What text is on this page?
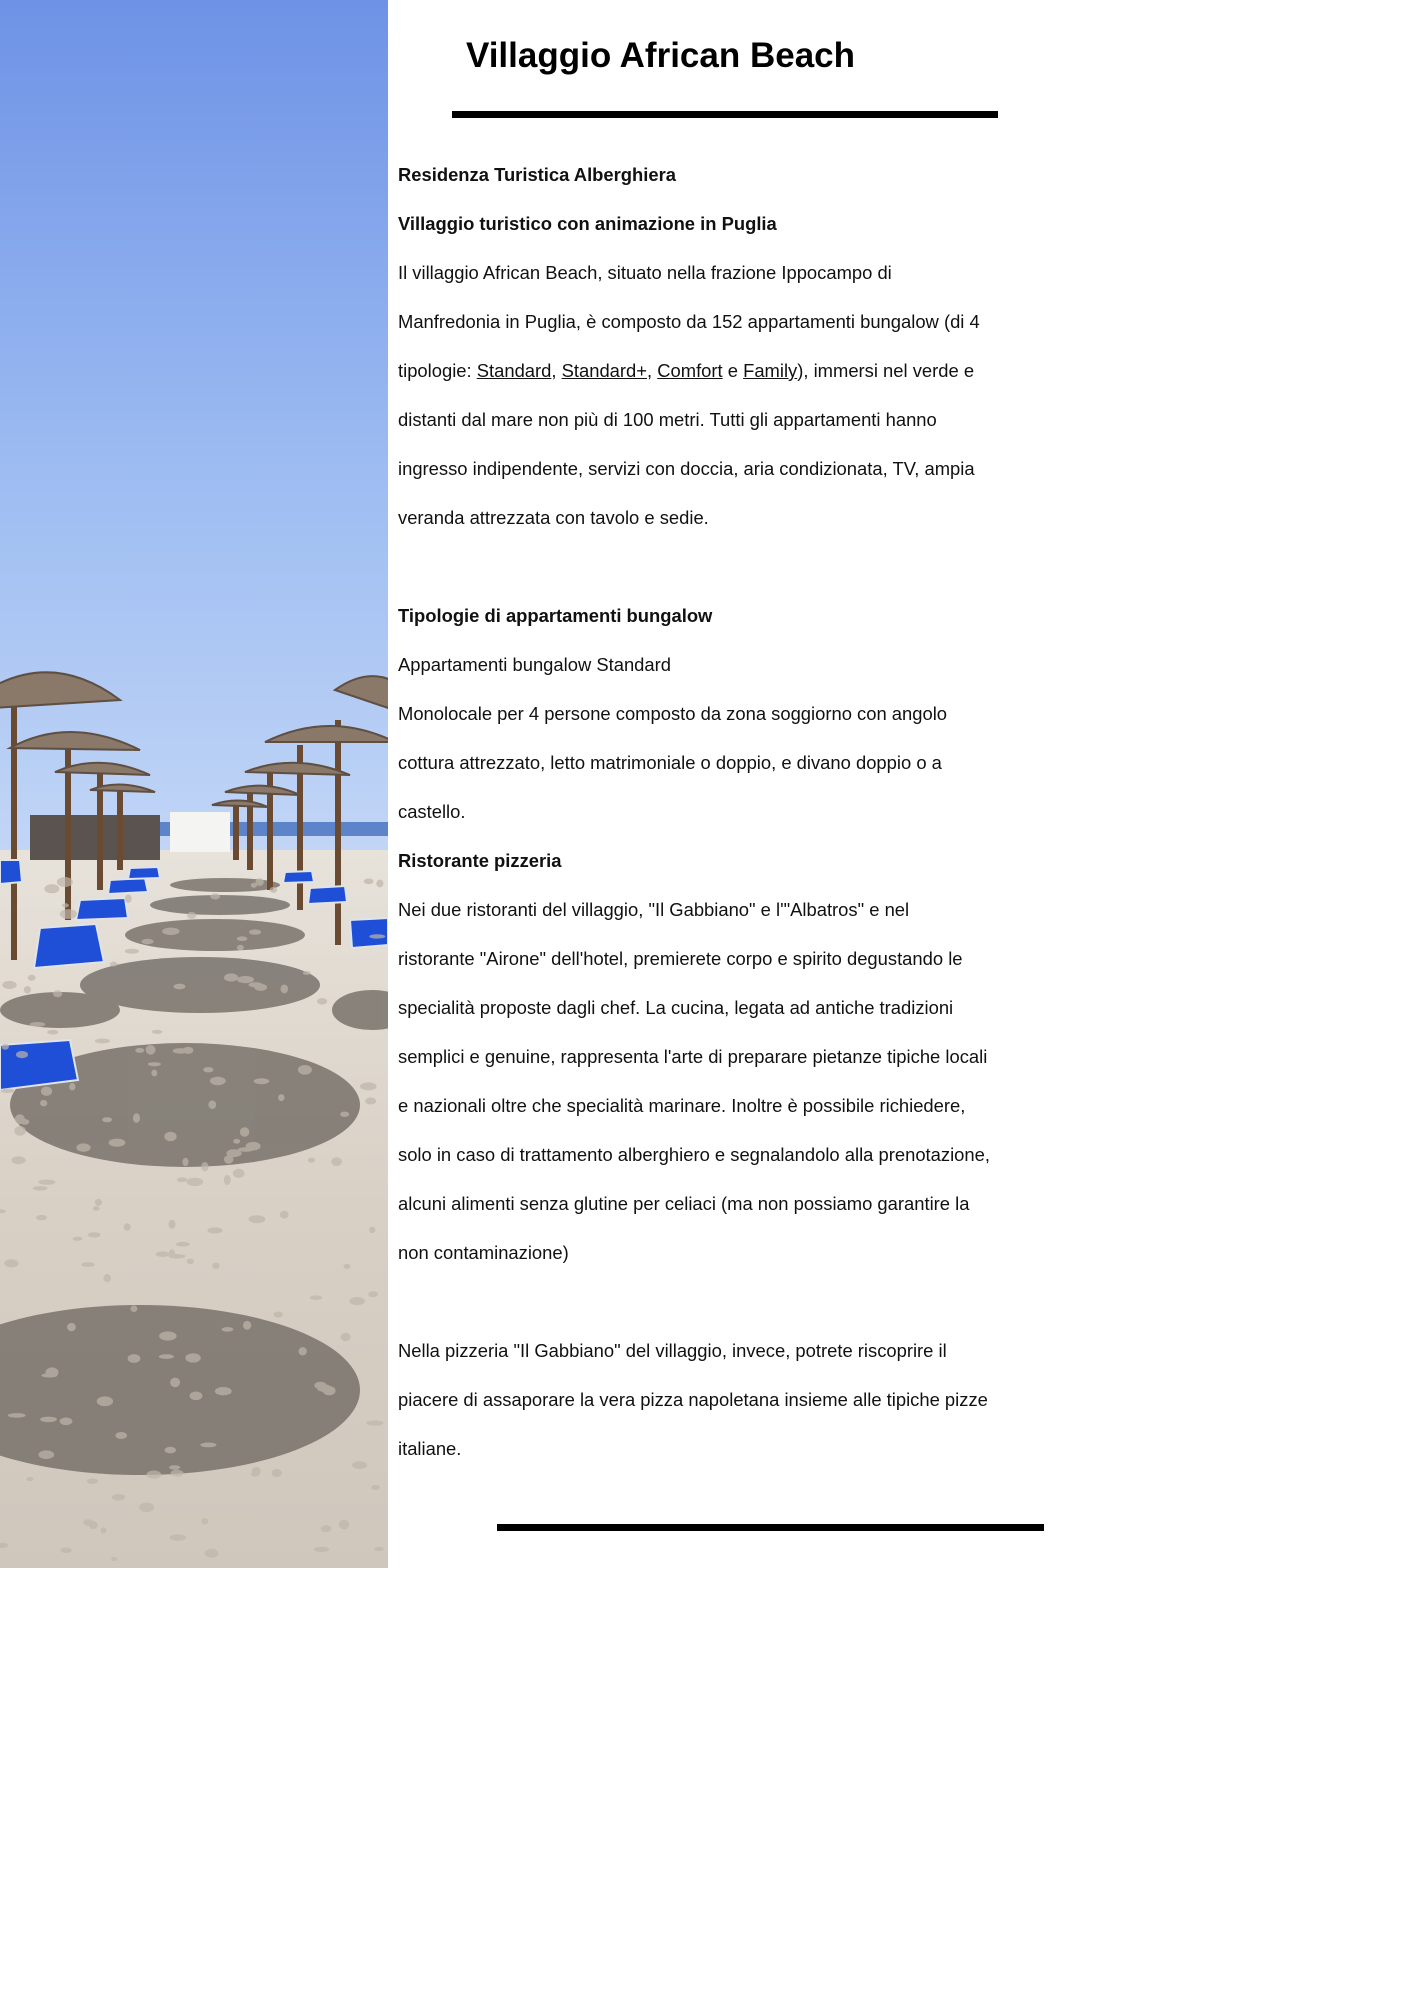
Villaggio African Beach

Residenza Turistica Alberghiera

Villaggio turistico con animazione in Puglia

Il villaggio African Beach, situato nella frazione Ippocampo di

Manfredonia in Puglia, è composto da 152 appartamenti bungalow (di 4

tipologie: Standard, Standard+, Comfort e Family), immersi nel verde e

distanti dal mare non più di 100 metri. Tutti gli appartamenti hanno

ingresso indipendente, servizi con doccia, aria condizionata, TV, ampia

veranda attrezzata con tavolo e sedie.

Tipologie di appartamenti bungalow

Appartamenti bungalow Standard

Monolocale per 4 persone composto da zona soggiorno con angolo

cottura attrezzato, letto matrimoniale o doppio, e divano doppio o a

castello.

Ristorante pizzeria

Nei due ristoranti del villaggio, "Il Gabbiano" e l'"Albatros" e nel

ristorante "Airone" dell'hotel, premierete corpo e spirito degustando le

specialità proposte dagli chef. La cucina, legata ad antiche tradizioni

semplici e genuine, rappresenta l'arte di preparare pietanze tipiche locali

e nazionali oltre che specialità marinare. Inoltre è possibile richiedere,

solo in caso di trattamento alberghiero e segnalandolo alla prenotazione,

alcuni alimenti senza glutine per celiaci (ma non possiamo garantire la

non contaminazione)

Nella pizzeria "Il Gabbiano" del villaggio, invece, potrete riscoprire il

piacere di assaporare la vera pizza napoletana insieme alle tipiche pizze

italiane.
